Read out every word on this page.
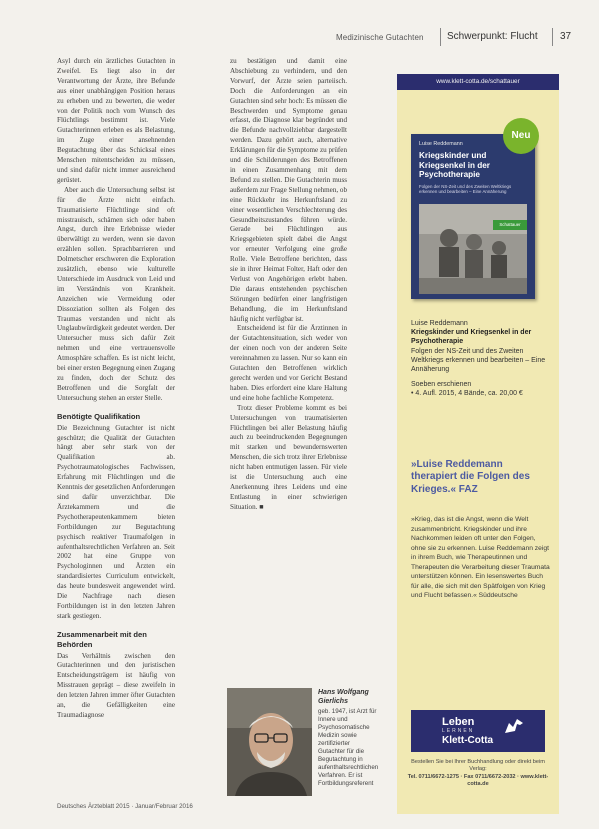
Medizinische Gutachten Schwerpunkt: Flucht 37

Asyl durch ein ärztliches Gutachten in Zweifel. Es liegt also in der Verantwortung der Ärzte, ihre Befunde aus einer unabhängigen Position heraus zu erheben und zu bewerten, die weder von der Politik noch vom Wunsch des Flüchtlings bestimmt ist. Viele Gutachterinnen erleben es als Belastung, im Zuge einer ansehnenden Begutachtung über das Schicksal eines Menschen mitentscheiden zu müssen, und sind dafür nicht immer ausreichend gerüstet.

Aber auch die Untersuchung selbst ist für die Ärzte nicht einfach. Traumatisierte Flüchtlinge sind oft misstrauisch, schämen sich oder haben Angst, durch ihre Erlebnisse wieder überwältigt zu werden, wenn sie davon erzählen sollen. Sprachbarrieren und Dolmetscher erschweren die Exploration zusätzlich, ebenso wie kulturelle Unterschiede im Ausdruck von Leid und im Verständnis von Krankheit. Anzeichen wie Vermeidung oder Dissoziation sollten als Folgen des Traumas verstanden und nicht als Unglaubwürdigkeit gedeutet werden. Der Untersucher muss sich dafür Zeit nehmen und eine vertrauensvolle Atmosphäre schaffen. Es ist nicht leicht, bei einer ersten Begegnung einen Zugang zu finden, doch der Schutz des Betroffenen und die Sorgfalt der Untersuchung stehen an erster Stelle.

Benötigte Qualifikation

Die Bezeichnung Gutachter ist nicht geschützt; die Qualität der Gutachten hängt aber sehr stark von der Qualifikation ab. Psychotraumatologisches Fachwissen, Erfahrung mit Flüchtlingen und die Kenntnis der gesetzlichen Anforderungen sind dafür unverzichtbar. Die Ärztekammern und die Psychotherapeutenkammern bieten Fortbildungen zur Begutachtung psychisch reaktiver Traumafolgen in aufenthaltsrechtlichen Verfahren an. Seit 2002 hat eine Gruppe von Psychologinnen und Ärzten ein standardisiertes Curriculum entwickelt, das heute bundesweit angewendet wird. Die Nachfrage nach diesen Fortbildungen ist in den letzten Jahren stark gestiegen.

Zusammenarbeit mit den Behörden

Das Verhältnis zwischen den Gutachterinnen und den juristischen Entscheidungsträgern ist häufig von Misstrauen geprägt – diese zweifeln in den letzten Jahren immer öfter Gutachten an, die Gefälligkeiten eine Traumadiagnose

zu bestätigen und damit eine Abschiebung zu verhindern, und den Vorwurf, der Ärzte seien parteiisch. Doch die Anforderungen an ein Gutachten sind sehr hoch: Es müssen die Beschwerden und Symptome genau erfasst, die Diagnose klar begründet und die Befunde nachvollziehbar dargestellt werden. Dazu gehört auch, alternative Erklärungen für die Symptome zu prüfen und die Schilderungen des Betroffenen in einen Zusammenhang mit dem Befund zu stellen. Die Gutachterin muss außerdem zur Frage Stellung nehmen, ob eine Rückkehr ins Herkunftsland zu einer wesentlichen Verschlechterung des Gesundheitszustandes führen würde. Gerade bei Flüchtlingen aus Kriegsgebieten spielt dabei die Angst vor erneuter Verfolgung eine große Rolle. Viele Betroffene berichten, dass sie in ihrer Heimat Folter, Haft oder den Verlust von Angehörigen erlebt haben. Die daraus entstehenden psychischen Störungen bedürfen einer langfristigen Behandlung, die im Herkunftsland häufig nicht verfügbar ist.

Entscheidend ist für die Ärztinnen in der Gutachtensituation, sich weder von der einen noch von der anderen Seite vereinnahmen zu lassen. Nur so kann ein Gutachten den Betroffenen wirklich gerecht werden und vor Gericht Bestand haben. Dies erfordert eine klare Haltung und eine hohe fachliche Kompetenz.

Trotz dieser Probleme kommt es bei Untersuchungen von traumatisierten Flüchtlingen bei aller Belastung häufig auch zu beeindruckenden Begegnungen mit starken und bewundernswerten Menschen, die sich trotz ihrer Erlebnisse nicht haben entmutigen lassen. Für viele ist die Untersuchung auch eine Anerkennung ihres Leidens und eine Entlastung in einer schwierigen Situation. ■

Hans Wolfgang Gierlichs
geb. 1947, ist Arzt für Innere und Psychosomatische Medizin sowie zertifizierter Gutachter für die Begutachtung in aufenthaltsrechtlichen Verfahren. Er ist Fortbildungsreferent
www.klett-cotta.de/schattauer
Luise Reddemann
Kriegskinder und Kriegsenkel in der Psychotherapie
Folgen der NS-Zeit und des Zweiten Weltkriegs erkennen und bearbeiten – Eine Annäherung
Schattauer
Neu
Luise Reddemann
Kriegskinder und Kriegsenkel in der Psychotherapie
Folgen der NS-Zeit und des Zweiten Weltkriegs erkennen und bearbeiten – Eine Annäherung
Soeben erschienen
• 4. Aufl. 2015, 4 Bände, ca. 20,00 €
»Luise Reddemann therapiert die Folgen des Krieges.« FAZ
»Krieg, das ist die Angst, wenn die Welt zusammenbricht. Kriegskinder und ihre Nachkommen leiden oft unter den Folgen, ohne sie zu erkennen. Luise Reddemann zeigt in ihrem Buch, wie Therapeutinnen und Therapeuten die Verarbeitung dieser Traumata unterstützen können. Ein lesenswertes Buch für alle, die sich mit den Spätfolgen von Krieg und Flucht befassen.« Süddeutsche
Leben
LERNEN
Klett-Cotta
Bestellen Sie bei Ihrer Buchhandlung oder direkt beim Verlag:
Tel. 0711/6672-1275 · Fax 0711/6672-2032 · www.klett-cotta.de
Deutsches Ärzteblatt 2015 · Januar/Februar 2016
